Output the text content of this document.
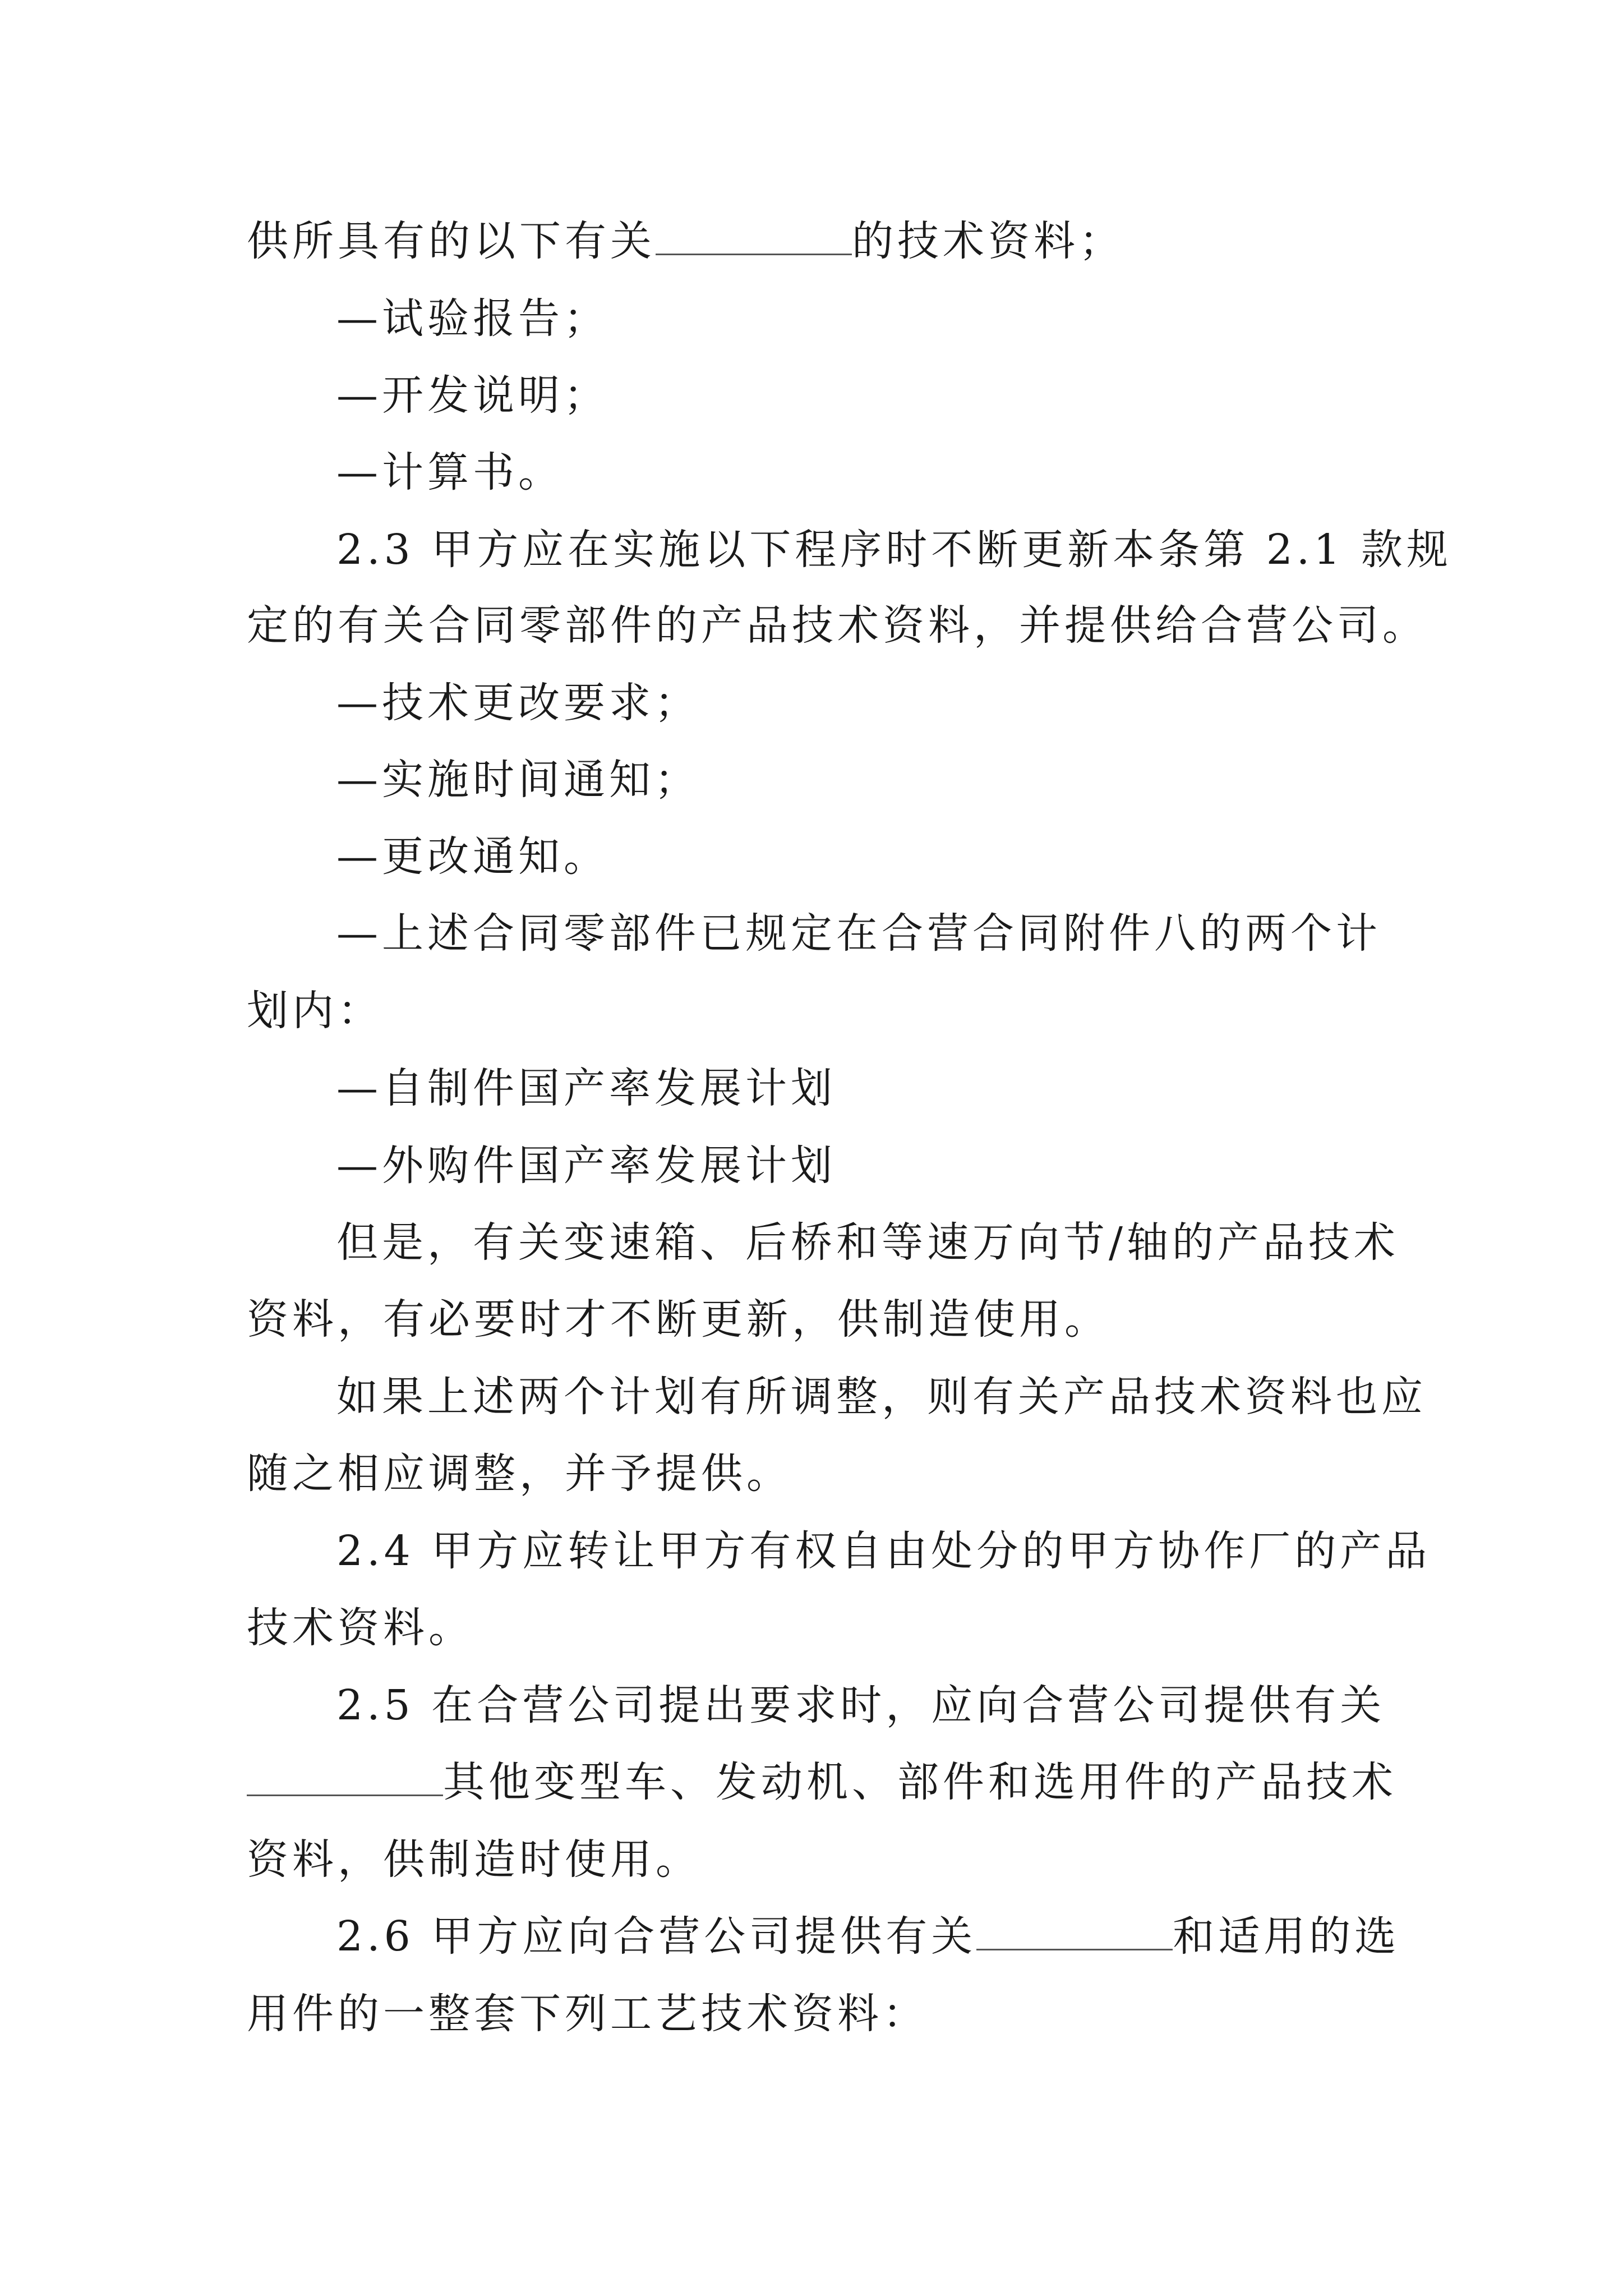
供所具有的以下有关	的技术资料；
—试验报告；
—开发说明；
—计算书。
2.3 甲方应在实施以下程序时不断更新本条第 2.1 款规
定的有关合同零部件的产品技术资料，并提供给合营公司。
—技术更改要求；
—实施时间通知；
—更改通知。
—上述合同零部件已规定在合营合同附件八的两个计
划内：
—自制件国产率发展计划
—外购件国产率发展计划
但是，有关变速箱、后桥和等速万向节/轴的产品技术
资料，有必要时才不断更新，供制造使用。
如果上述两个计划有所调整，则有关产品技术资料也应
随之相应调整，并予提供。
2.4 甲方应转让甲方有权自由处分的甲方协作厂的产品
技术资料。
2.5 在合营公司提出要求时，应向合营公司提供有关
其他变型车、发动机、部件和选用件的产品技术
资料，供制造时使用。
2.6 甲方应向合营公司提供有关	和适用的选
用件的一整套下列工艺技术资料：
